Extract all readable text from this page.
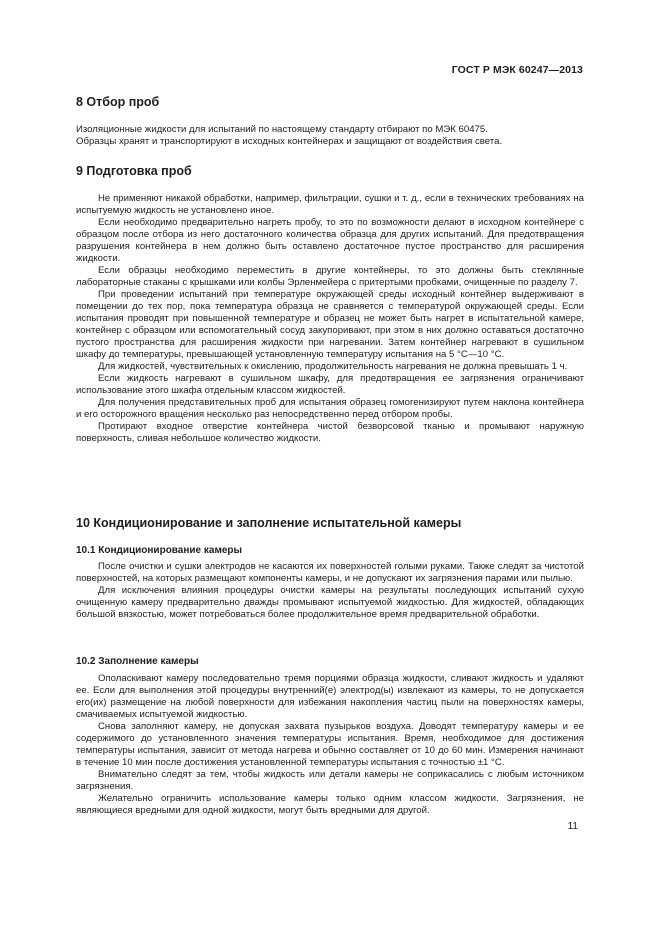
ГОСТ Р МЭК 60247—2013
8 Отбор проб

Изоляционные жидкости для испытаний по настоящему стандарту отбирают по МЭК 60475.

Образцы хранят и транспортируют в исходных контейнерах и защищают от воздействия света.

9 Подготовка проб

Не применяют никакой обработки, например, фильтрации, сушки и т. д., если в технических требованиях на испытуемую жидкость не установлено иное.

Если необходимо предварительно нагреть пробу, то это по возможности делают в исходном контейнере с образцом после отбора из него достаточного количества образца для других испытаний. Для предотвращения разрушения контейнера в нем должно быть оставлено достаточное пустое пространство для расширения жидкости.

Если образцы необходимо переместить в другие контейнеры, то это должны быть стеклянные лабораторные стаканы с крышками или колбы Эрленмейера с притертыми пробками, очищенные по разделу 7.

При проведении испытаний при температуре окружающей среды исходный контейнер выдерживают в помещении до тех пор, пока температура образца не сравняется с температурой окружающей среды. Если испытания проводят при повышенной температуре и образец не может быть нагрет в испытательной камере, контейнер с образцом или вспомогательный сосуд закупоривают, при этом в них должно оставаться достаточно пустого пространства для расширения жидкости при нагревании. Затем контейнер нагревают в сушильном шкафу до температуры, превышающей установленную температуру испытания на 5 °С—10 °С.

Для жидкостей, чувствительных к окислению, продолжительность нагревания не должна превышать 1 ч.

Если жидкость нагревают в сушильном шкафу, для предотвращения ее загрязнения ограничивают использование этого шкафа отдельным классом жидкостей.

Для получения представительных проб для испытания образец гомогенизируют путем наклона контейнера и его осторожного вращения несколько раз непосредственно перед отбором пробы.

Протирают входное отверстие контейнера чистой безворсовой тканью и промывают наружную поверхность, сливая небольшое количество жидкости.

10 Кондиционирование и заполнение испытательной камеры
10.1 Кондиционирование камеры

После очистки и сушки электродов не касаются их поверхностей голыми руками. Также следят за чистотой поверхностей, на которых размещают компоненты камеры, и не допускают их загрязнения парами или пылью.

Для исключения влияния процедуры очистки камеры на результаты последующих испытаний сухую очищенную камеру предварительно дважды промывают испытуемой жидкостью. Для жидкостей, обладающих большой вязкостью, может потребоваться более продолжительное время предварительной обработки.

10.2 Заполнение камеры

Ополаскивают камеру последовательно тремя порциями образца жидкости, сливают жидкость и удаляют ее. Если для выполнения этой процедуры внутренний(е) электрод(ы) извлекают из камеры, то не допускается его(их) размещение на любой поверхности для избежания накопления частиц пыли на поверхностях камеры, смачиваемых испытуемой жидкостью.

Снова заполняют камеру, не допуская захвата пузырьков воздуха. Доводят температуру камеры и ее содержимого до установленного значения температуры испытания. Время, необходимое для достижения температуры испытания, зависит от метода нагрева и обычно составляет от 10 до 60 мин. Измерения начинают в течение 10 мин после достижения установленной температуры испытания с точностью ±1 °С.

Внимательно следят за тем, чтобы жидкость или детали камеры не соприкасались с любым источником загрязнения.

Желательно ограничить использование камеры только одним классом жидкости. Загрязнения, не являющиеся вредными для одной жидкости, могут быть вредными для другой.

11
